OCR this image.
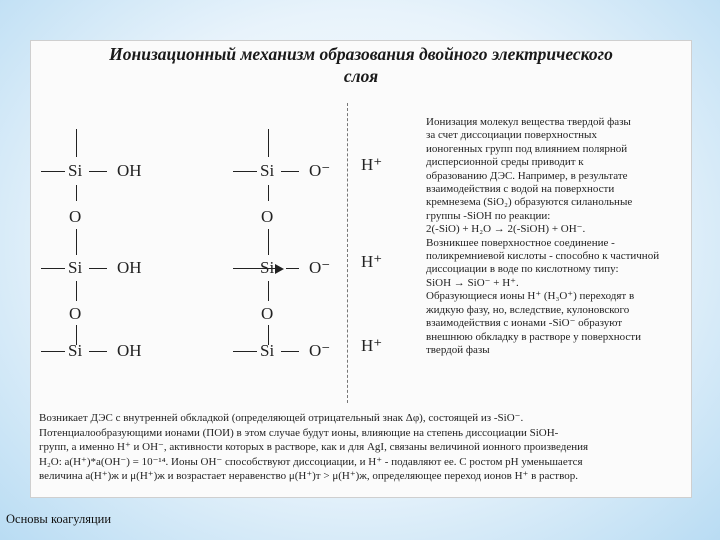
Ионизационный механизм образования двойного электрического
слоя
Si OH
O
Si OH
O
Si OH
Si O⁻
O
Si O⁻
O
Si O⁻
H⁺
H⁺
H⁺
Ионизация молекул вещества твердой фазы
за счет диссоциации поверхностных
ионогенных групп под влиянием полярной
дисперсионной среды приводит к
образованию ДЭС. Например, в результате
взаимодействия с водой на поверхности
кремнезема (SiO₂) образуются силанольные
группы -SiOH по реакции:
2(-SiO) + H₂O → 2(-SiOH) + OH⁻.
Возникшее поверхностное соединение -
поликремниевой кислоты - способно к частичной
диссоциации в воде по кислотному типу:
SiOH → SiO⁻ + H⁺.
Образующиеся ионы H⁺ (H₃O⁺) переходят в
жидкую фазу, но, вследствие, кулоновского
взаимодействия с ионами -SiO⁻ образуют
внешнюю обкладку в растворе у поверхности
твердой фазы
Возникает ДЭС с внутренней обкладкой (определяющей отрицательный знак Δφ), состоящей из -SiO⁻.
Потенциалообразующими ионами (ПОИ) в этом случае будут ионы, влияющие на степень диссоциации SiOH-
групп, а именно H⁺ и OH⁻, активности которых в растворе, как и для AgI, связаны величиной ионного произведения
H₂O: a(H⁺)*a(OH⁻) = 10⁻¹⁴. Ионы OH⁻ способствуют диссоциации, и H⁺ - подавляют ее. С ростом pH уменьшается
величина a(H⁺)ж и μ(H⁺)ж и возрастает неравенство μ(H⁺)т > μ(H⁺)ж, определяющее переход ионов H⁺ в раствор.
Основы коагуляции
